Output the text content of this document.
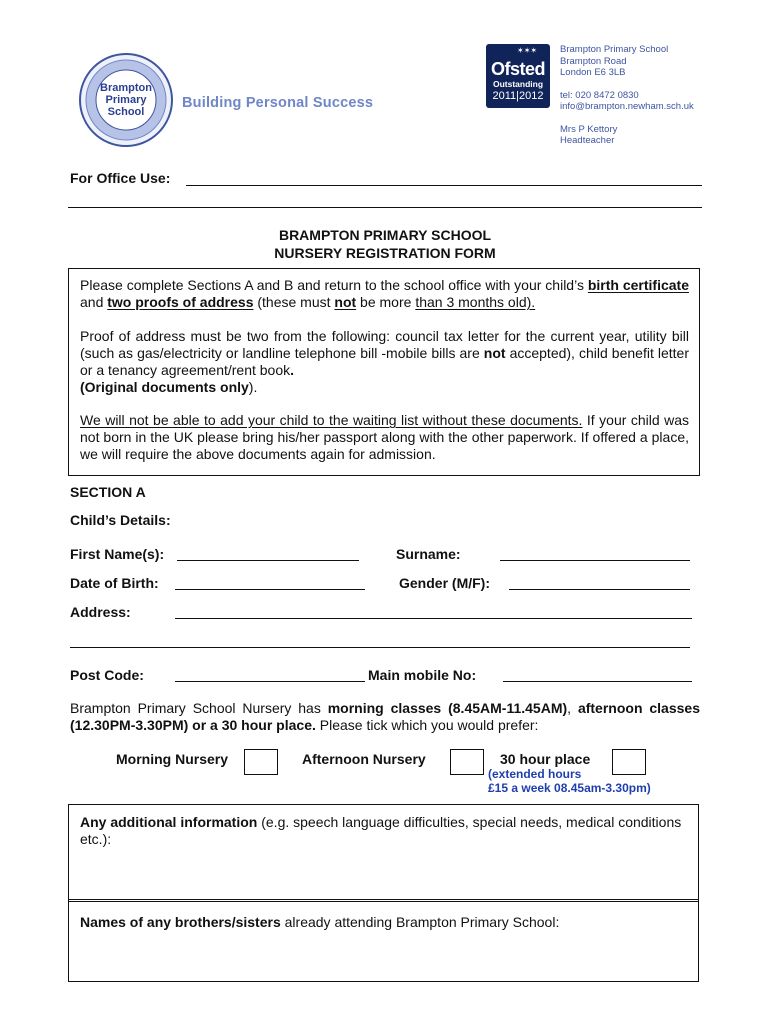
Brampton
Primary
School
Building Personal Success
✶✶✶
Ofsted
Outstanding
2011|2012
Brampton Primary School
Brampton Road
London E6 3LB
tel: 020 8472 0830
info@brampton.newham.sch.uk
Mrs P Kettory
Headteacher
For Office Use:
BRAMPTON PRIMARY SCHOOL
NURSERY REGISTRATION FORM
Please complete Sections A and B and return to the school office with your child’s birth certificate and two proofs of address (these must not be more than 3 months old).
Proof of address must be two from the following: council tax letter for the current year, utility bill (such as gas/electricity or landline telephone bill -mobile bills are not accepted), child benefit letter or a tenancy agreement/rent book.
(Original documents only).
We will not be able to add your child to the waiting list without these documents. If your child was not born in the UK please bring his/her passport along with the other paperwork. If offered a place, we will require the above documents again for admission.
SECTION A
Child’s Details:
First Name(s):	Surname:
Date of Birth:	Gender (M/F):
Address:
Post Code:	Main mobile No:
Brampton Primary School Nursery has morning classes (8.45AM-11.45AM), afternoon classes (12.30PM-3.30PM) or a 30 hour place. Please tick which you would prefer:
Morning Nursery	Afternoon Nursery	30 hour place
(extended hours
£15 a week 08.45am-3.30pm)
Any additional information (e.g. speech language difficulties, special needs, medical conditions etc.):
Names of any brothers/sisters already attending Brampton Primary School:
